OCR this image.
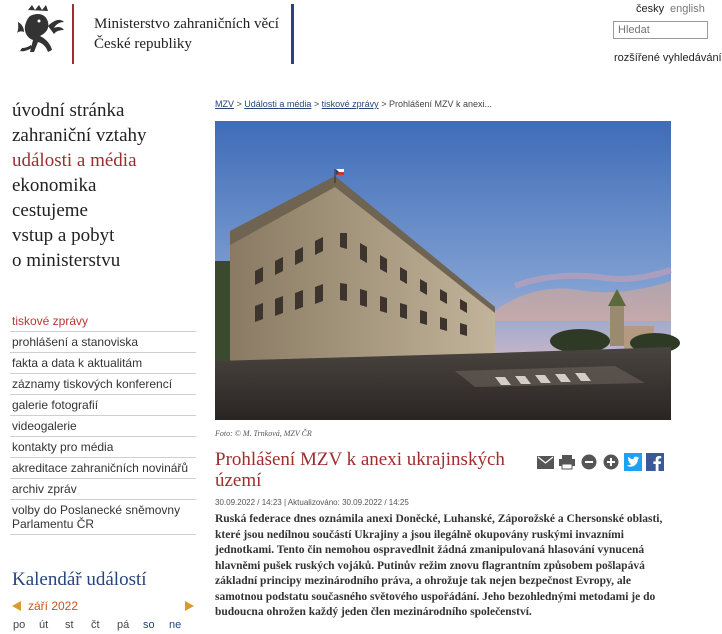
Ministerstvo zahraničních věcí
České republiky
česky english
Hledat
rozšířené vyhledávání
úvodní stránka
zahraniční vztahy
události a média
ekonomika
cestujeme
vstup a pobyt
o ministerstvu
tiskové zprávy
prohlášení a stanoviska
fakta a data k aktualitám
záznamy tiskových konferencí
galerie fotografií
videogalerie
kontakty pro média
akreditace zahraničních novinářů
archiv zpráv
volby do Poslanecké sněmovny Parlamentu ČR
Kalendář událostí
září 2022
po	út	st	čt	pá	so	ne
MZV > Události a média > tiskové zprávy > Prohlášení MZV k anexi...
Foto: © M. Trnková, MZV ČR
Prohlášení MZV k anexi ukrajinských území
30.09.2022 / 14:23 | Aktualizováno: 30.09.2022 / 14:25
Ruská federace dnes oznámila anexi Doněcké, Luhanské, Záporožské a Chersonské oblasti, které jsou nedílnou součástí Ukrajiny a jsou ilegálně okupovány ruskými invazními jednotkami. Tento čin nemohou ospravedlnit žádná zmanipulovaná hlasování vynucená hlavněmi pušek ruských vojáků. Putinův režim znovu flagrantním způsobem pošlapává základní principy mezinárodního práva, a ohrožuje tak nejen bezpečnost Evropy, ale samotnou podstatu současného světového uspořádání. Jeho bezohlednými metodami je do budoucna ohrožen každý jeden člen mezinárodního společenství.
